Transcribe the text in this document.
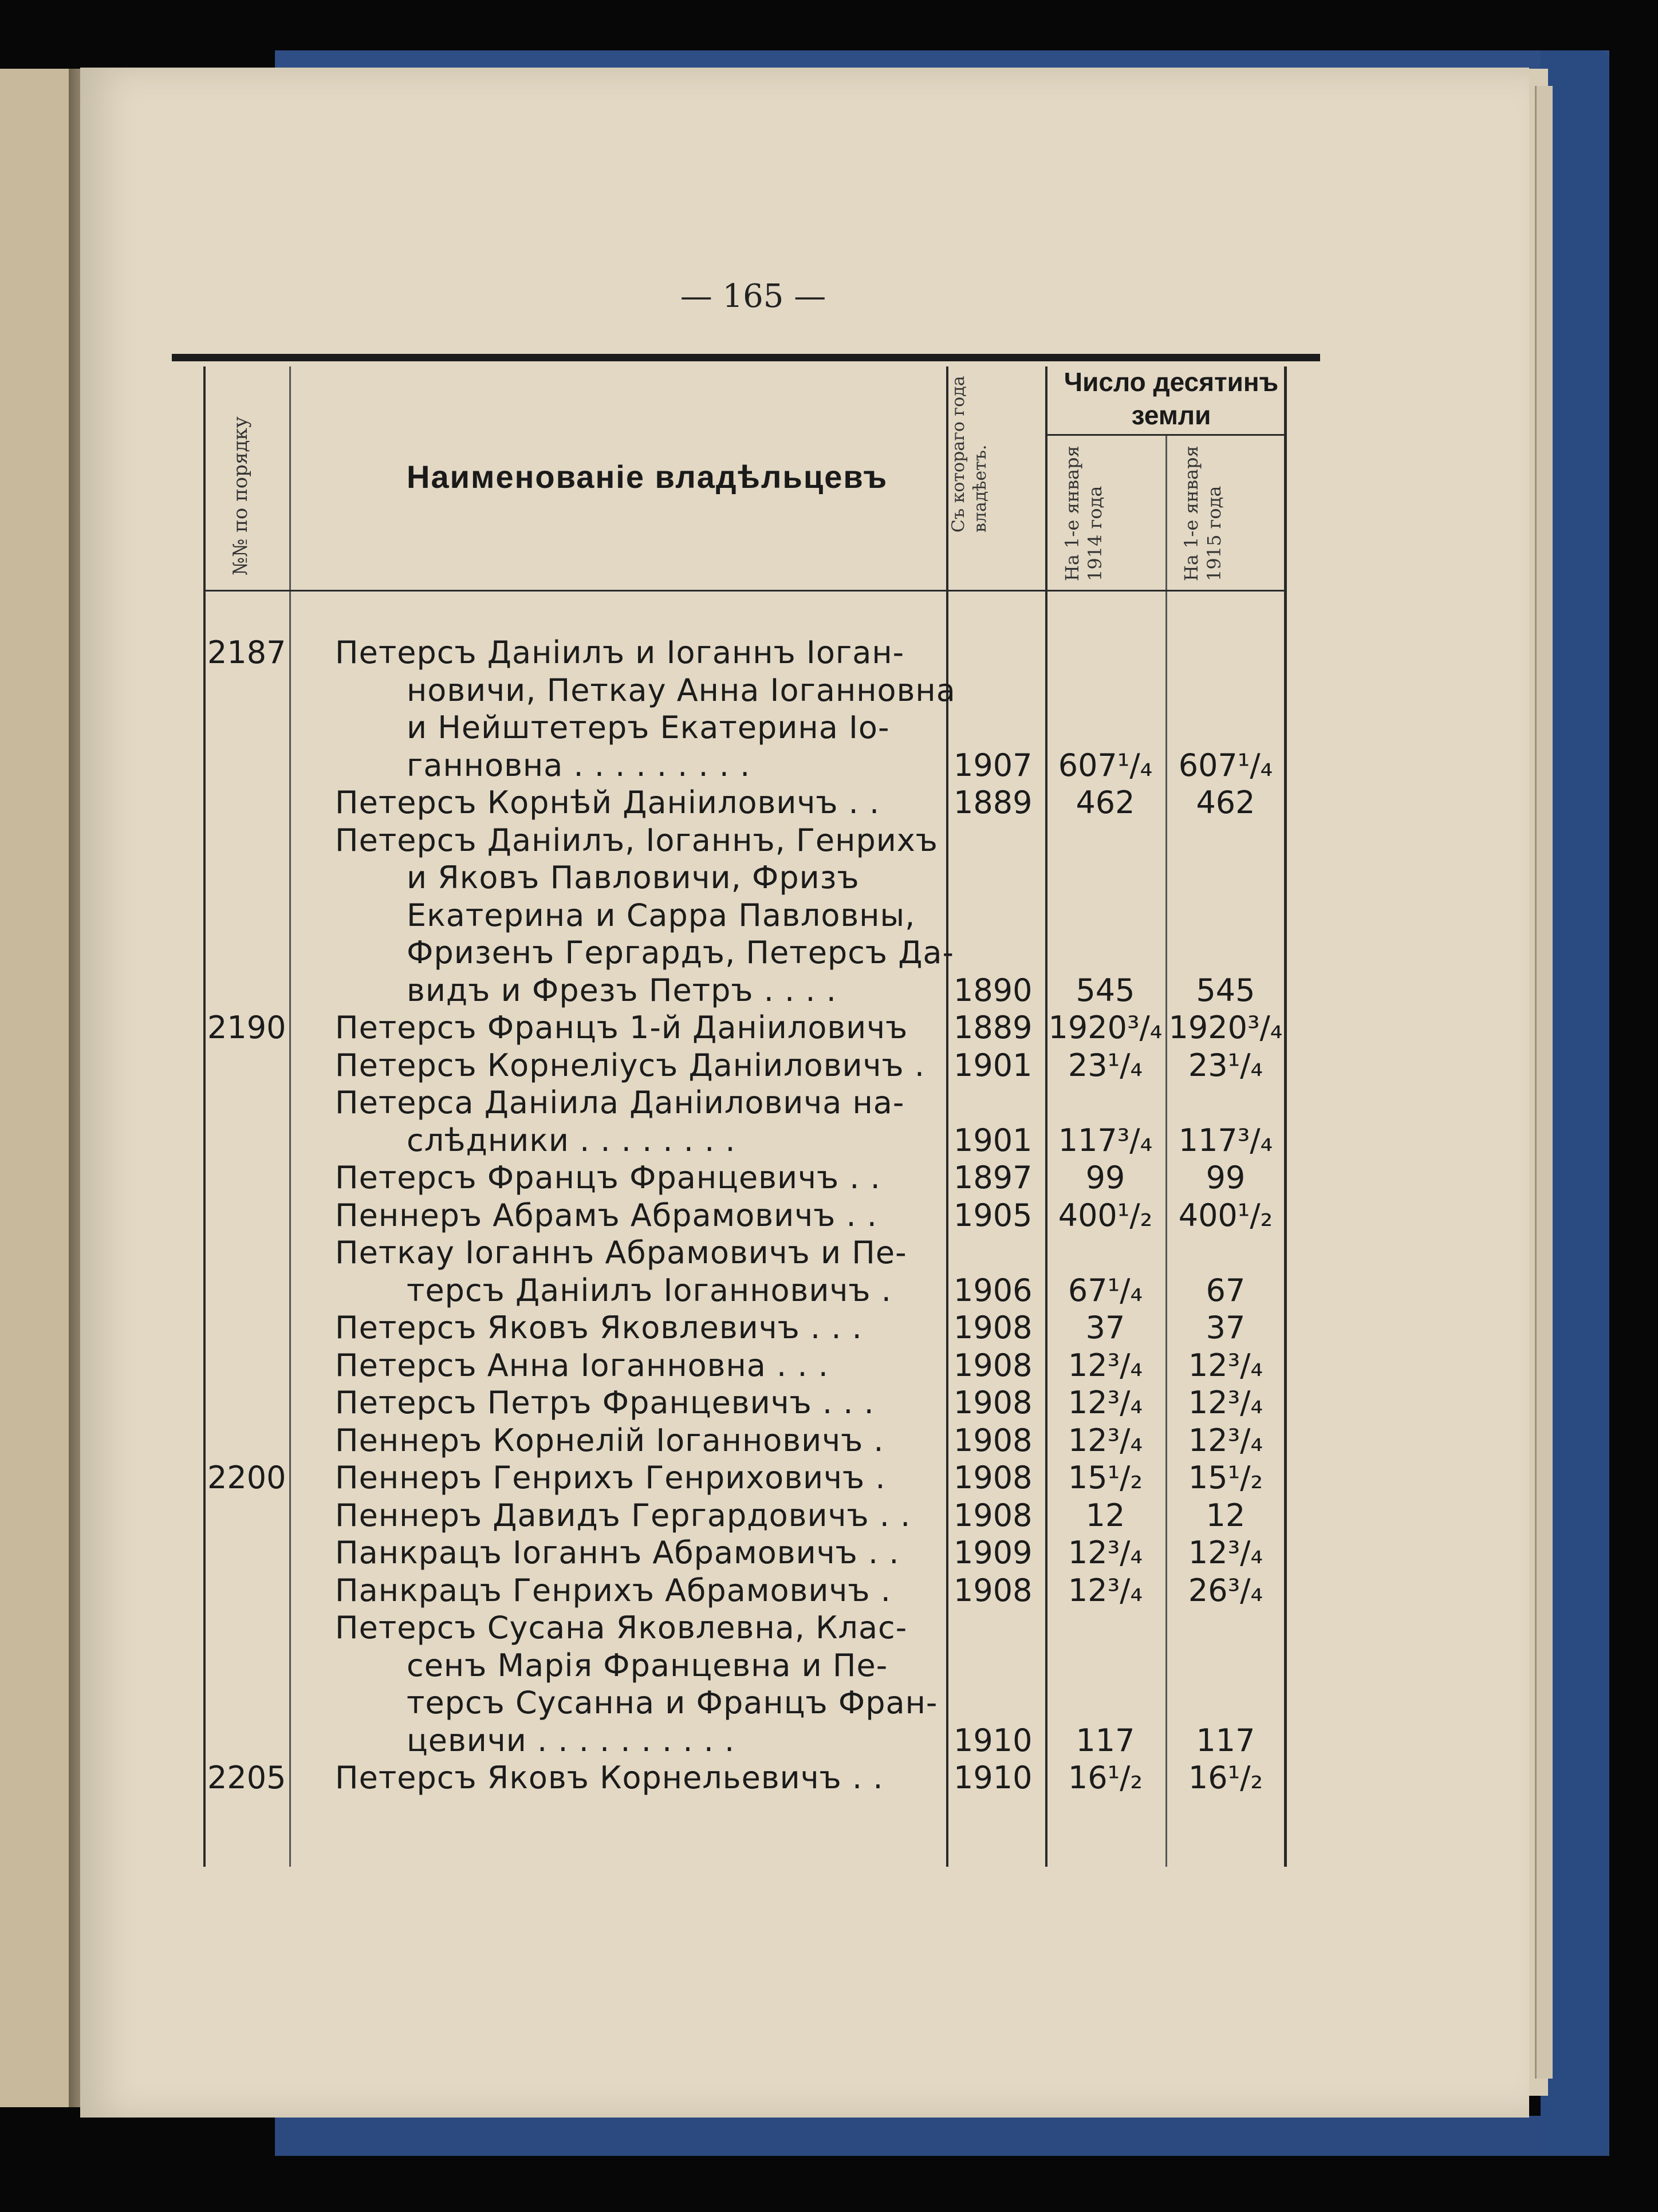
— 165 —
№№ по порядку	Наименованіе владѣльцевъ	Съ котораго года владѣетъ.
Число десятинъ земли
На 1-е января 1914 года	На 1-е января 1915 года
2187 Петерсъ Даніилъ и Іоганнъ Іоган-
новичи, Петкау Анна Іоганновна
и Нейштетеръ Екатерина Іо-
ганновна . . . . . . . . .	1907 607¹/₄ 607¹/₄
Петерсъ Корнѣй Даніиловичъ . . 1889	462	462
Петерсъ Даніилъ, Іоганнъ, Генрихъ
и Яковъ Павловичи, Фризъ
Екатерина и Сарра Павловны,
Фризенъ Гергардъ, Петерсъ Да-
видъ и Фрезъ Петръ . . . .	1890	545	545
2190 Петерсъ Францъ 1-й Даніиловичъ 1889 1920³/₄ 1920³/₄
Петерсъ Корнеліусъ Даніиловичъ . 1901	23¹/₄	23¹/₄
Петерса Даніила Даніиловича на-
слѣдники . . . . . . . .	1901 117³/₄ 117³/₄
Петерсъ Францъ Францевичъ . . 1897	99	99
Пеннеръ Абрамъ Абрамовичъ . . 1905 400¹/₂ 400¹/₂
Петкау Іоганнъ Абрамовичъ и Пе-
терсъ Даніилъ Іоганновичъ . 1906	67¹/₄	67
Петерсъ Яковъ Яковлевичъ . . .	1908	37	37
Петерсъ Анна Іоганновна . . .	1908	12³/₄	12³/₄
Петерсъ Петръ Францевичъ . . .	1908	12³/₄	12³/₄
Пеннеръ Корнелій Іоганновичъ . 1908	12³/₄	12³/₄
2200 Пеннеръ Генрихъ Генриховичъ . 1908	15¹/₂	15¹/₂
Пеннеръ Давидъ Гергардовичъ . . 1908	12	12
Панкрацъ Іоганнъ Абрамовичъ . . 1909	12³/₄	12³/₄
Панкрацъ Генрихъ Абрамовичъ . 1908	12³/₄	26³/₄
Петерсъ Сусана Яковлевна, Клас-
сенъ Марія Францевна и Пе-
терсъ Сусанна и Францъ Фран-
цевичи . . . . . . . . . .	1910	117	117
2205 Петерсъ Яковъ Корнельевичъ . . 1910	16¹/₂	16¹/₂
